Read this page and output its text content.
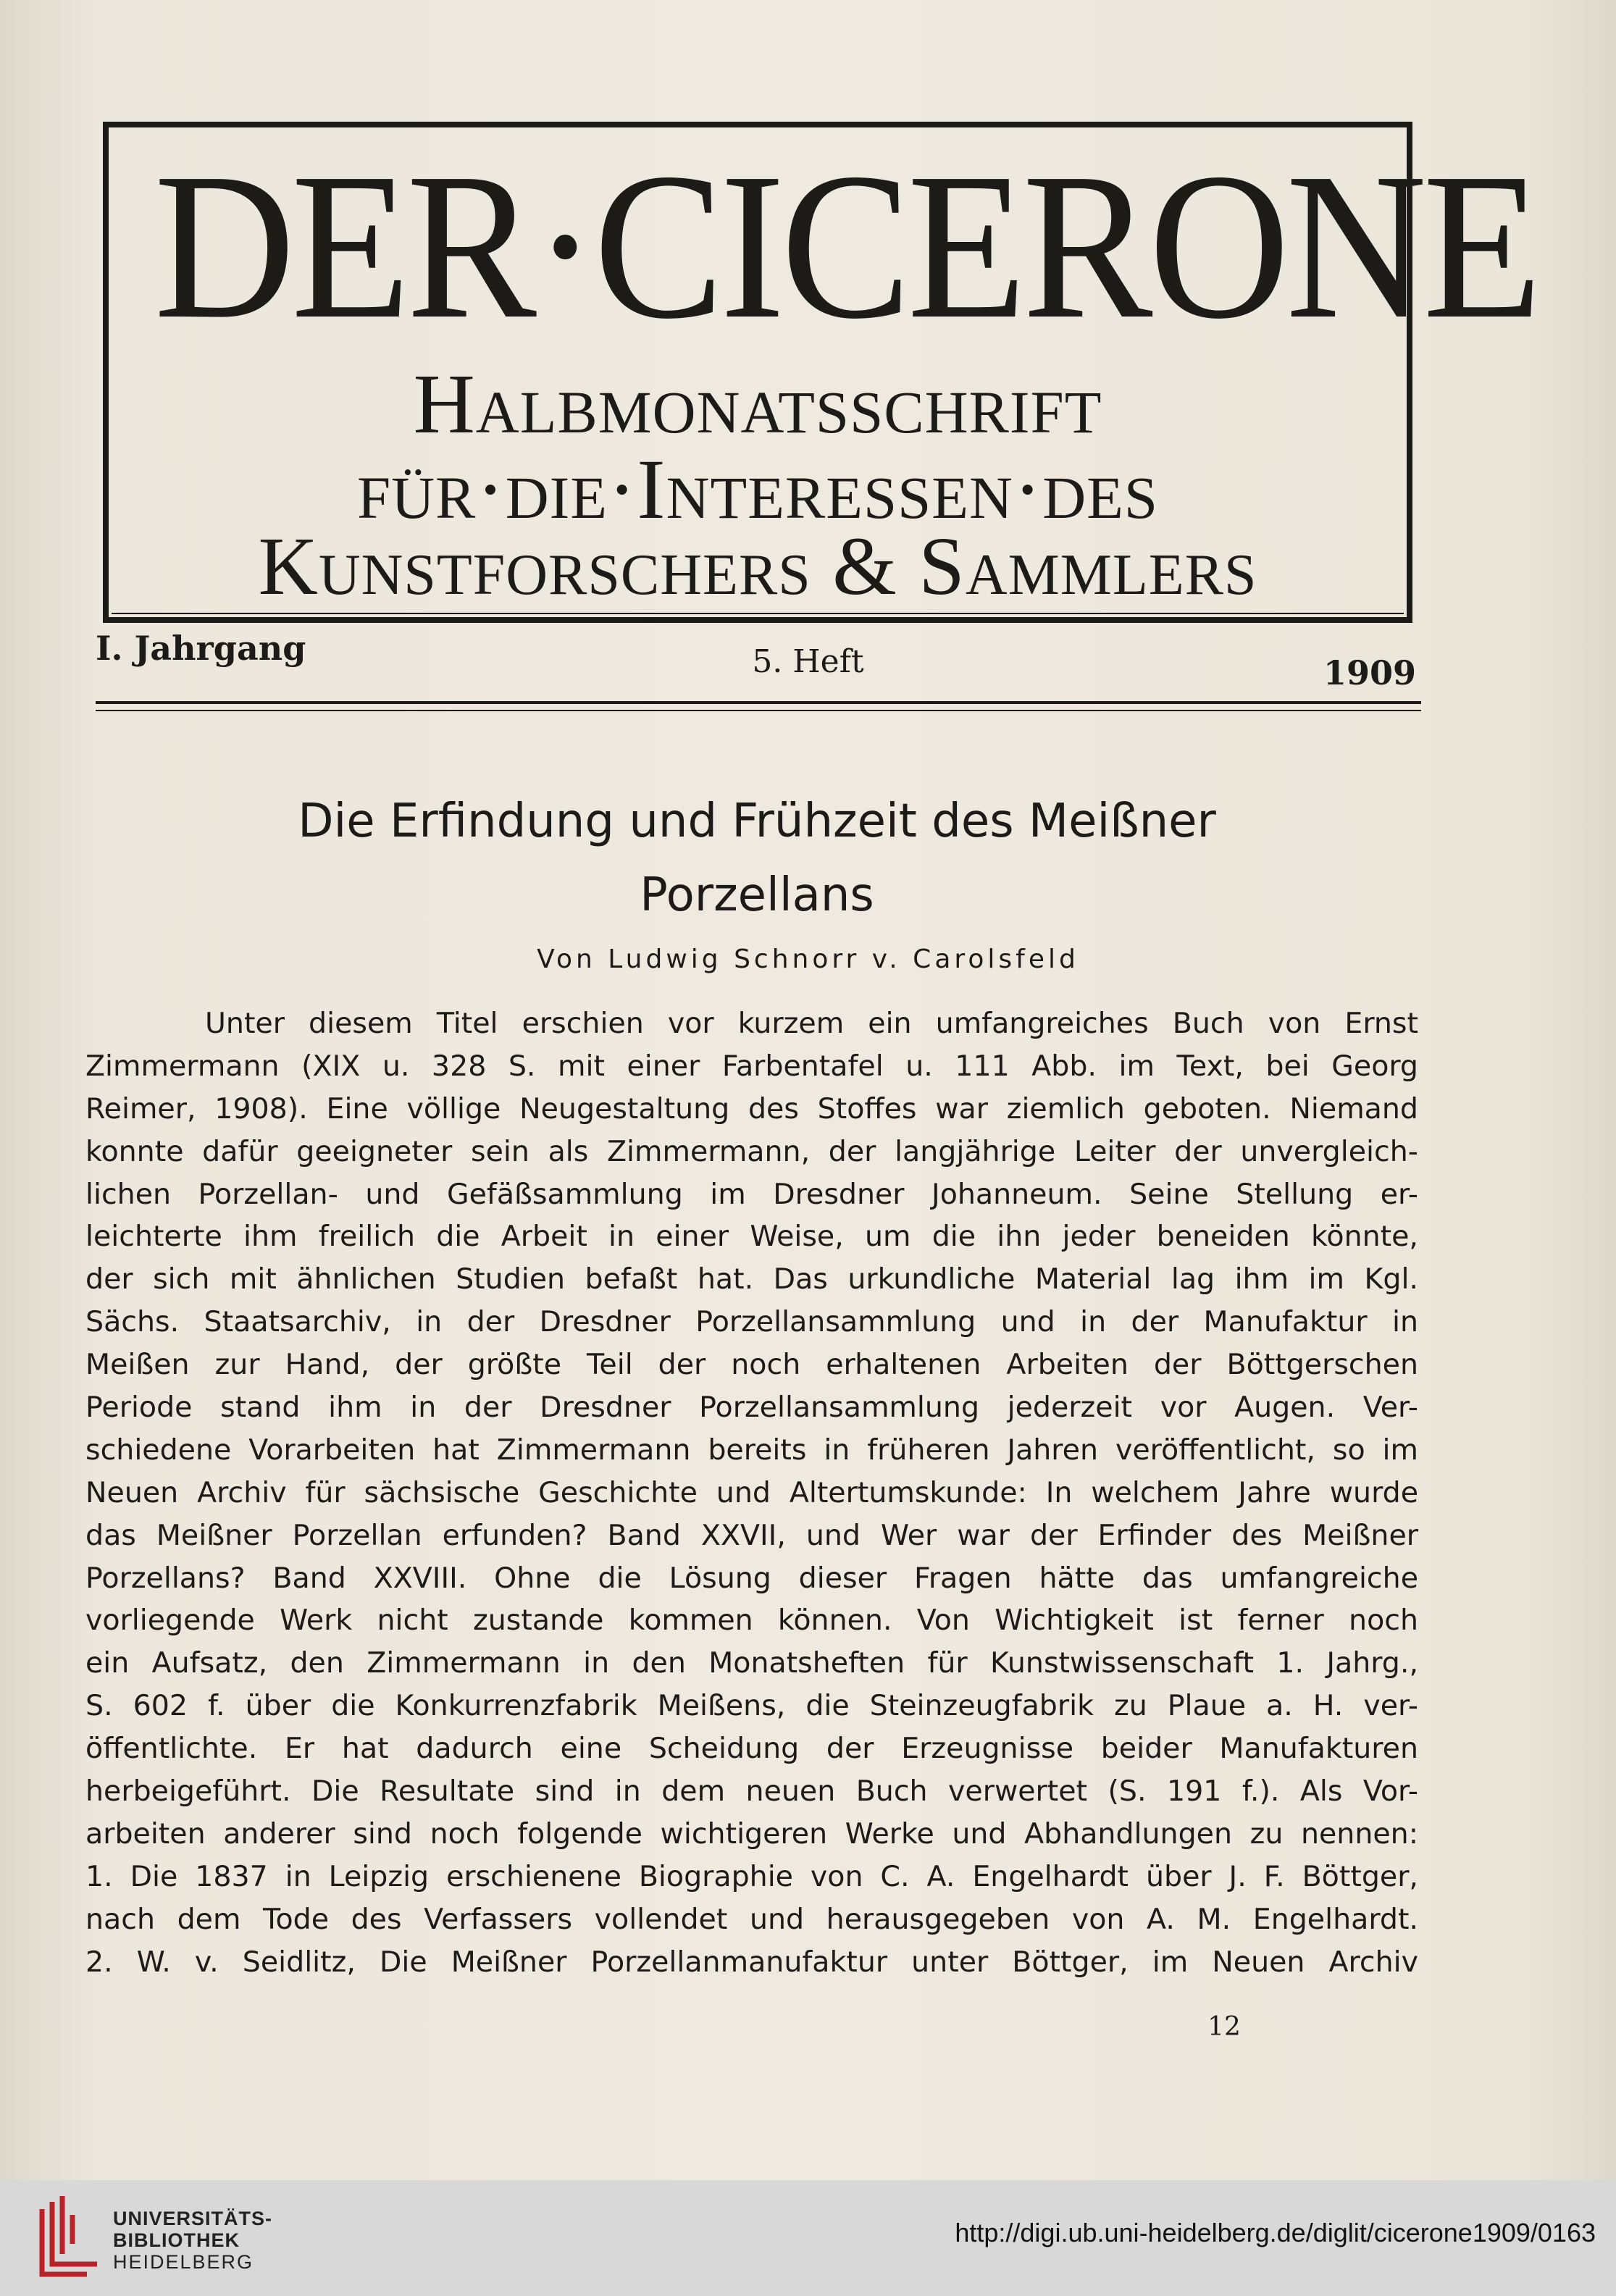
DER·CICERONE
Halbmonatsschrift
für·die·Interessen·des
Kunstforschers & Sammlers
I. Jahrgang	5. Heft	1909
Die Erfindung und Frühzeit des Meißner
Porzellans
Von Ludwig Schnorr v. Carolsfeld
Unter diesem Titel erschien vor kurzem ein umfangreiches Buch von Ernst
Zimmermann (XIX u. 328 S. mit einer Farbentafel u. 111 Abb. im Text, bei Georg
Reimer, 1908). Eine völlige Neugestaltung des Stoffes war ziemlich geboten. Niemand
konnte dafür geeigneter sein als Zimmermann, der langjährige Leiter der unvergleich-
lichen Porzellan- und Gefäßsammlung im Dresdner Johanneum. Seine Stellung er-
leichterte ihm freilich die Arbeit in einer Weise, um die ihn jeder beneiden könnte,
der sich mit ähnlichen Studien befaßt hat. Das urkundliche Material lag ihm im Kgl.
Sächs. Staatsarchiv, in der Dresdner Porzellansammlung und in der Manufaktur in
Meißen zur Hand, der größte Teil der noch erhaltenen Arbeiten der Böttgerschen
Periode stand ihm in der Dresdner Porzellansammlung jederzeit vor Augen. Ver-
schiedene Vorarbeiten hat Zimmermann bereits in früheren Jahren veröffentlicht, so im
Neuen Archiv für sächsische Geschichte und Altertumskunde: In welchem Jahre wurde
das Meißner Porzellan erfunden? Band XXVII, und Wer war der Erfinder des Meißner
Porzellans? Band XXVIII. Ohne die Lösung dieser Fragen hätte das umfangreiche
vorliegende Werk nicht zustande kommen können. Von Wichtigkeit ist ferner noch
ein Aufsatz, den Zimmermann in den Monatsheften für Kunstwissenschaft 1. Jahrg.,
S. 602 f. über die Konkurrenzfabrik Meißens, die Steinzeugfabrik zu Plaue a. H. ver-
öffentlichte. Er hat dadurch eine Scheidung der Erzeugnisse beider Manufakturen
herbeigeführt. Die Resultate sind in dem neuen Buch verwertet (S. 191 f.). Als Vor-
arbeiten anderer sind noch folgende wichtigeren Werke und Abhandlungen zu nennen:
1. Die 1837 in Leipzig erschienene Biographie von C. A. Engelhardt über J. F. Böttger,
nach dem Tode des Verfassers vollendet und herausgegeben von A. M. Engelhardt.
2. W. v. Seidlitz, Die Meißner Porzellanmanufaktur unter Böttger, im Neuen Archiv
12
UNIVERSITÄTS-
BIBLIOTHEK
HEIDELBERG
http://digi.ub.uni-heidelberg.de/diglit/cicerone1909/0163
